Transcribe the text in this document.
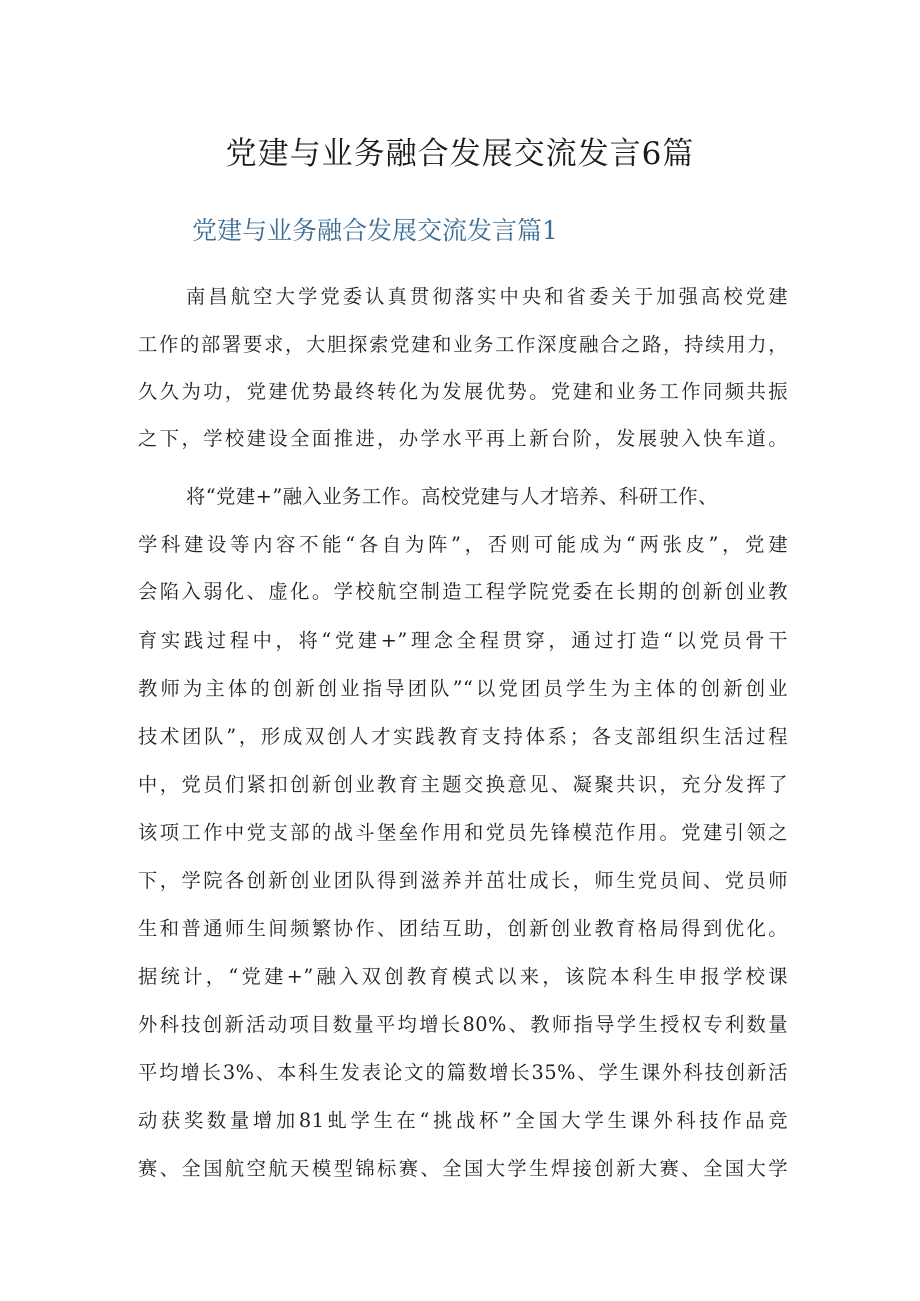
党建与业务融合发展交流发言6篇
党建与业务融合发展交流发言篇1
南昌航空大学党委认真贯彻落实中央和省委关于加强高校党建
工作的部署要求，大胆探索党建和业务工作深度融合之路，持续用力，
久久为功，党建优势最终转化为发展优势。党建和业务工作同频共振
之下，学校建设全面推进，办学水平再上新台阶，发展驶入快车道。
将“党建+”融入业务工作。高校党建与人才培养、科研工作、
学科建设等内容不能“各自为阵”，否则可能成为“两张皮”，党建
会陷入弱化、虚化。学校航空制造工程学院党委在长期的创新创业教
育实践过程中，将“党建+”理念全程贯穿，通过打造“以党员骨干
教师为主体的创新创业指导团队”“以党团员学生为主体的创新创业
技术团队”，形成双创人才实践教育支持体系；各支部组织生活过程
中，党员们紧扣创新创业教育主题交换意见、凝聚共识，充分发挥了
该项工作中党支部的战斗堡垒作用和党员先锋模范作用。党建引领之
下，学院各创新创业团队得到滋养并茁壮成长，师生党员间、党员师
生和普通师生间频繁协作、团结互助，创新创业教育格局得到优化。
据统计，“党建+”融入双创教育模式以来，该院本科生申报学校课
外科技创新活动项目数量平均增长80%、教师指导学生授权专利数量
平均增长3%、本科生发表论文的篇数增长35%、学生课外科技创新活
动获奖数量增加81虬学生在“挑战杯”全国大学生课外科技作品竞
赛、全国航空航天模型锦标赛、全国大学生焊接创新大赛、全国大学
